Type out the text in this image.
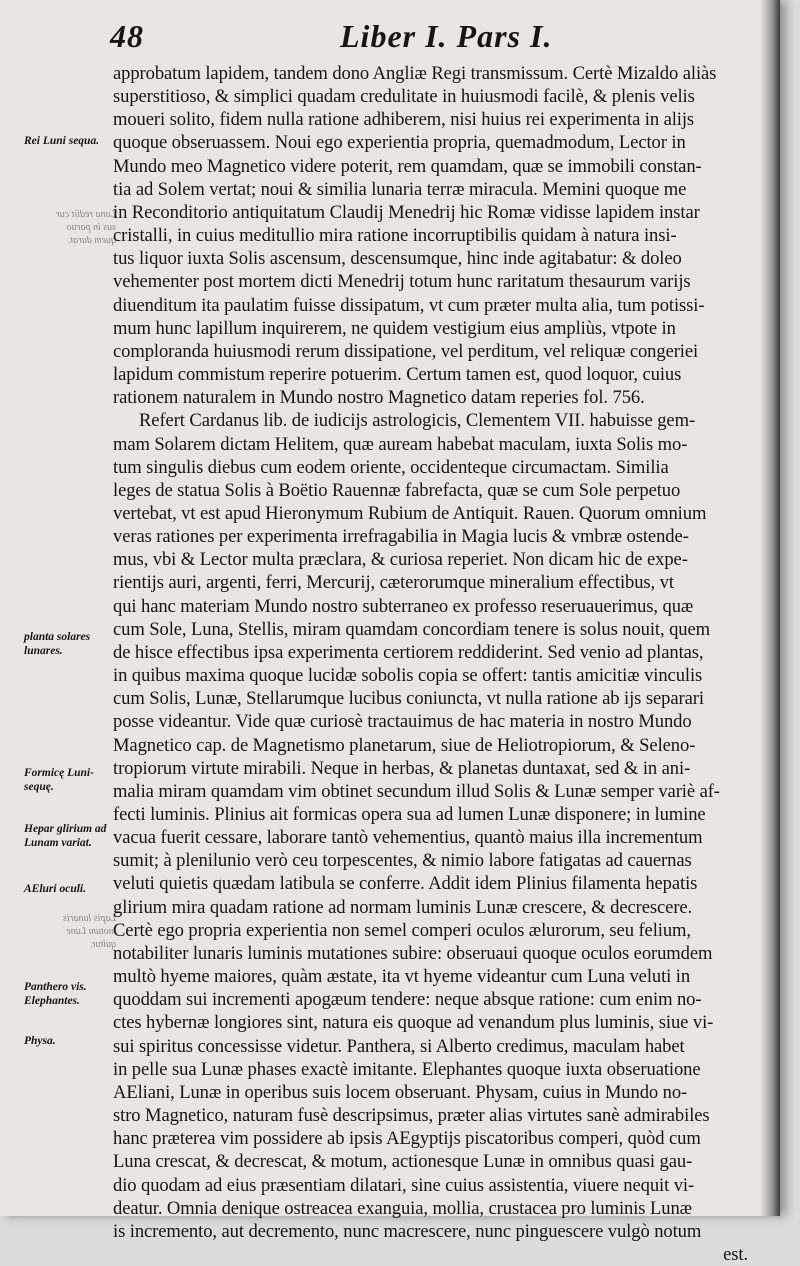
48	Liber I. Pars I.
Rei Luni sequa.
Luna rediit cur
sus in paruo
quem durat.
planta solares lunares.
Formicę Luni-sequę.
Hepar glirium ad Lunam variat.
AEluri oculi.
Lapis lunaris
motum Lune
quitur.
Panthero vis. Elephantes.
Physa.
approbatum lapidem, tandem dono Angliæ Regi transmissum. Certè Mizaldo aliàs
superstitioso, & simplici quadam credulitate in huiusmodi facilè, & plenis velis
moueri solito, fidem nulla ratione adhiberem, nisi huius rei experimenta in alijs
quoque obseruassem. Noui ego experientia propria, quemadmodum, Lector in
Mundo meo Magnetico videre poterit, rem quamdam, quæ se immobili constan-
tia ad Solem vertat; noui & similia lunaria terræ miracula. Memini quoque me
in Reconditorio antiquitatum Claudij Menedrij hic Romæ vidisse lapidem instar
cristalli, in cuius meditullio mira ratione incorruptibilis quidam à natura insi-
tus liquor iuxta Solis ascensum, descensumque, hinc inde agitabatur: & doleo
vehementer post mortem dicti Menedrij totum hunc raritatum thesaurum varijs
diuenditum ita paulatim fuisse dissipatum, vt cum præter multa alia, tum potissi-
mum hunc lapillum inquirerem, ne quidem vestigium eius ampliùs, vtpote in
comploranda huiusmodi rerum dissipatione, vel perditum, vel reliquæ congeriei
lapidum commistum reperire potuerim. Certum tamen est, quod loquor, cuius
rationem naturalem in Mundo nostro Magnetico datam reperies fol. 756.
Refert Cardanus lib. de iudicijs astrologicis, Clementem VII. habuisse gem-
mam Solarem dictam Helitem, quæ auream habebat maculam, iuxta Solis mo-
tum singulis diebus cum eodem oriente, occidenteque circumactam. Similia
leges de statua Solis à Boëtio Rauennæ fabrefacta, quæ se cum Sole perpetuo
vertebat, vt est apud Hieronymum Rubium de Antiquit. Rauen. Quorum omnium
veras rationes per experimenta irrefragabilia in Magia lucis & vmbræ ostende-
mus, vbi & Lector multa præclara, & curiosa reperiet. Non dicam hic de expe-
rientijs auri, argenti, ferri, Mercurij, cæterorumque mineralium effectibus, vt
qui hanc materiam Mundo nostro subterraneo ex professo reseruauerimus, quæ
cum Sole, Luna, Stellis, miram quamdam concordiam tenere is solus nouit, quem
de hisce effectibus ipsa experimenta certiorem reddiderint. Sed venio ad plantas,
in quibus maxima quoque lucidæ sobolis copia se offert: tantis amicitiæ vinculis
cum Solis, Lunæ, Stellarumque lucibus coniuncta, vt nulla ratione ab ijs separari
posse videantur. Vide quæ curiosè tractauimus de hac materia in nostro Mundo
Magnetico cap. de Magnetismo planetarum, siue de Heliotropiorum, & Seleno-
tropiorum virtute mirabili. Neque in herbas, & planetas duntaxat, sed & in ani-
malia miram quamdam vim obtinet secundum illud Solis & Lunæ semper variè af-
fecti luminis. Plinius ait formicas opera sua ad lumen Lunæ disponere; in lumine
vacua fuerit cessare, laborare tantò vehementius, quantò maius illa incrementum
sumit; à plenilunio verò ceu torpescentes, & nimio labore fatigatas ad cauernas
veluti quietis quædam latibula se conferre. Addit idem Plinius filamenta hepatis
glirium mira quadam ratione ad normam luminis Lunæ crescere, & decrescere.
Certè ego propria experientia non semel comperi oculos ælurorum, seu felium,
notabiliter lunaris luminis mutationes subire: obseruaui quoque oculos eorumdem
multò hyeme maiores, quàm æstate, ita vt hyeme videantur cum Luna veluti in
quoddam sui incrementi apogæum tendere: neque absque ratione: cum enim no-
ctes hybernæ longiores sint, natura eis quoque ad venandum plus luminis, siue vi-
sui spiritus concessisse videtur. Panthera, si Alberto credimus, maculam habet
in pelle sua Lunæ phases exactè imitante. Elephantes quoque iuxta obseruatione
AEliani, Lunæ in operibus suis locem obseruant. Physam, cuius in Mundo no-
stro Magnetico, naturam fusè descripsimus, præter alias virtutes sanè admirabiles
hanc præterea vim possidere ab ipsis AEgyptijs piscatoribus comperi, quòd cum
Luna crescat, & decrescat, & motum, actionesque Lunæ in omnibus quasi gau-
dio quodam ad eius præsentiam dilatari, sine cuius assistentia, viuere nequit vi-
deatur. Omnia denique ostreacea exanguia, mollia, crustacea pro luminis Lunæ
is incremento, aut decremento, nunc macrescere, nunc pinguescere vulgò notum
est.
